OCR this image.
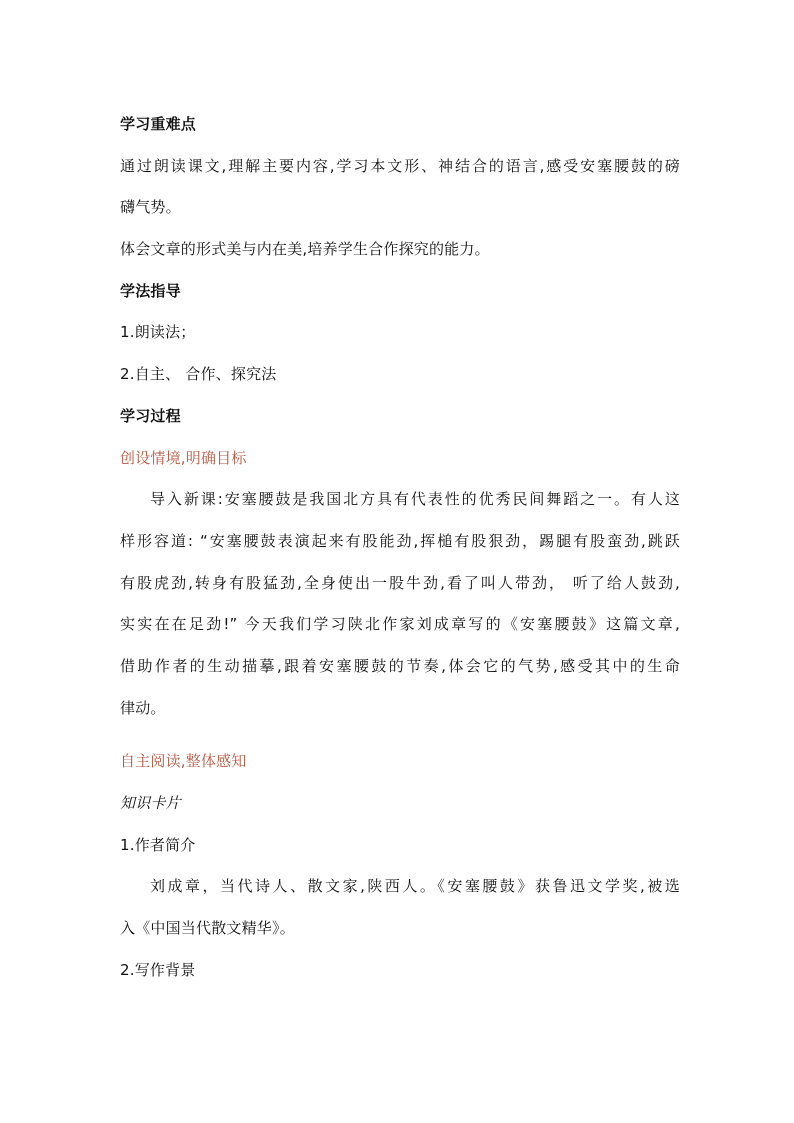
学习重难点
通过朗读课文,理解主要内容,学习本文形、神结合的语言,感受安塞腰鼓的磅
礴气势。
体会文章的形式美与内在美,培养学生合作探究的能力。
学法指导
1.朗读法；
2.自主、 合作、探究法
学习过程
创设情境,明确目标
导入新课:安塞腰鼓是我国北方具有代表性的优秀民间舞蹈之一。有人这
样形容道: “安塞腰鼓表演起来有股能劲,挥槌有股狠劲，踢腿有股蛮劲,跳跃
有股虎劲,转身有股猛劲,全身使出一股牛劲,看了叫人带劲， 听了给人鼓劲,
实实在在足劲!” 今天我们学习陕北作家刘成章写的《安塞腰鼓》这篇文章,
借助作者的生动描摹,跟着安塞腰鼓的节奏,体会它的气势,感受其中的生命
律动。
自主阅读,整体感知
知识卡片
1.作者简介
刘成章，当代诗人、散文家,陕西人。《安塞腰鼓》获鲁迅文学奖,被选
入《中国当代散文精华》。
2.写作背景
